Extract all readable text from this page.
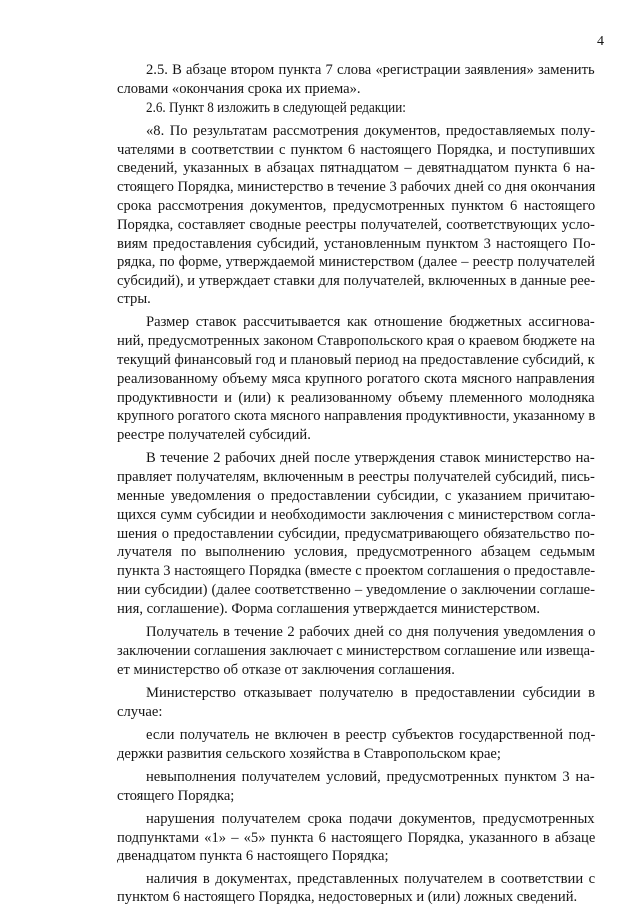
4
2.5. В абзаце втором пункта 7 слова «регистрации заявления» заменить
словами «окончания срока их приема».
2.6. Пункт 8 изложить в следующей редакции:
«8. По результатам рассмотрения документов, предоставляемых полу-
чателями в соответствии с пунктом 6 настоящего Порядка, и поступивших
сведений, указанных в абзацах пятнадцатом – девятнадцатом пункта 6 на-
стоящего Порядка, министерство в течение 3 рабочих дней со дня окончания
срока рассмотрения документов, предусмотренных пунктом 6 настоящего
Порядка, составляет сводные реестры получателей, соответствующих усло-
виям предоставления субсидий, установленным пунктом 3 настоящего По-
рядка, по форме, утверждаемой министерством (далее – реестр получателей
субсидий), и утверждает ставки для получателей, включенных в данные рее-
стры.
Размер ставок рассчитывается как отношение бюджетных ассигнова-
ний, предусмотренных законом Ставропольского края о краевом бюджете на
текущий финансовый год и плановый период на предоставление субсидий, к
реализованному объему мяса крупного рогатого скота мясного направления
продуктивности и (или) к реализованному объему племенного молодняка
крупного рогатого скота мясного направления продуктивности, указанному в
реестре получателей субсидий.
В течение 2 рабочих дней после утверждения ставок министерство на-
правляет получателям, включенным в реестры получателей субсидий, пись-
менные уведомления о предоставлении субсидии, с указанием причитаю-
щихся сумм субсидии и необходимости заключения с министерством согла-
шения о предоставлении субсидии, предусматривающего обязательство по-
лучателя по выполнению условия, предусмотренного абзацем седьмым
пункта 3 настоящего Порядка (вместе с проектом соглашения о предоставле-
нии субсидии) (далее соответственно – уведомление о заключении соглаше-
ния, соглашение). Форма соглашения утверждается министерством.
Получатель в течение 2 рабочих дней со дня получения уведомления о
заключении соглашения заключает с министерством соглашение или извеща-
ет министерство об отказе от заключения соглашения.
Министерство отказывает получателю в предоставлении субсидии в
случае:
если получатель не включен в реестр субъектов государственной под-
держки развития сельского хозяйства в Ставропольском крае;
невыполнения получателем условий, предусмотренных пунктом 3 на-
стоящего Порядка;
нарушения получателем срока подачи документов, предусмотренных
подпунктами «1» – «5» пункта 6 настоящего Порядка, указанного в абзаце
двенадцатом пункта 6 настоящего Порядка;
наличия в документах, представленных получателем в соответствии с
пунктом 6 настоящего Порядка, недостоверных и (или) ложных сведений.
